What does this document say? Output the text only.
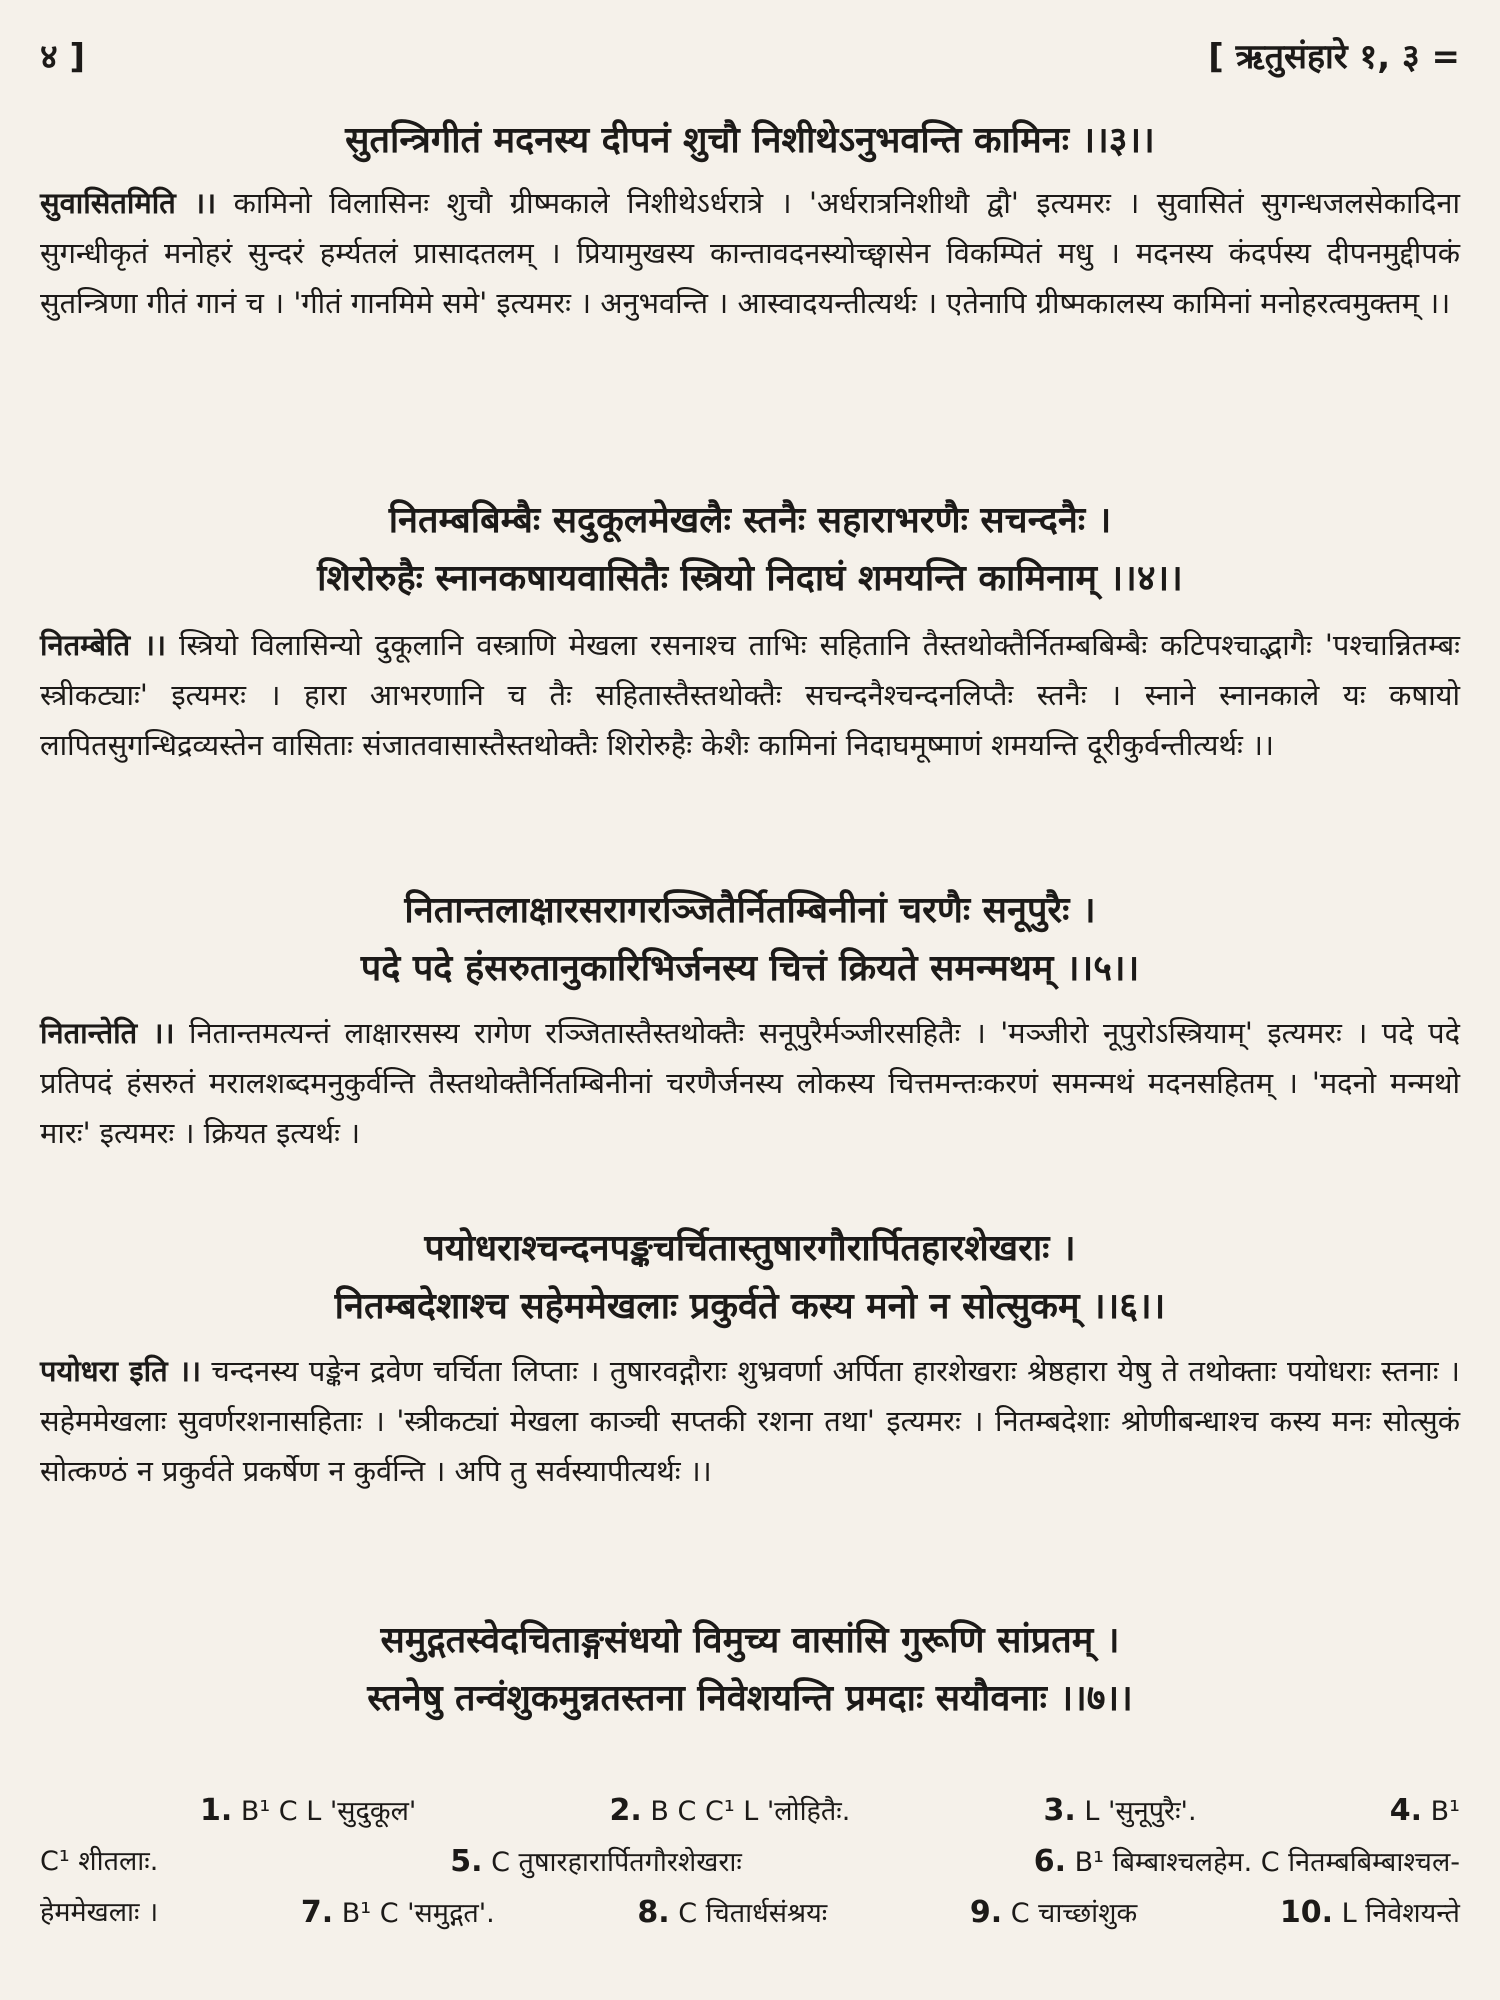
४ ]	[ ऋतुसंहारे १, ३ =
सुतन्त्रिगीतं मदनस्य दीपनं शुचौ निशीथेऽनुभवन्ति कामिनः ।।३।।
सुवासितमिति ।। कामिनो विलासिनः शुचौ ग्रीष्मकाले निशीथेऽर्धरात्रे । 'अर्धरात्रनिशीथौ द्वौ' इत्यमरः । सुवासितं सुगन्धजलसेकादिना सुगन्धीकृतं मनोहरं सुन्दरं हर्म्यतलं प्रासादतलम् । प्रियामुखस्य कान्तावदनस्योच्छ्वासेन विकम्पितं मधु । मदनस्य कंदर्पस्य दीपनमुद्दीपकं सुतन्त्रिणा गीतं गानं च । 'गीतं गानमिमे समे' इत्यमरः । अनुभवन्ति । आस्वादयन्तीत्यर्थः । एतेनापि ग्रीष्मकालस्य कामिनां मनोहरत्वमुक्तम् ।।
नितम्बबिम्बैः सदुकूलमेखलैः स्तनैः सहाराभरणैः सचन्दनैः ।
शिरोरुहैः स्नानकषायवासितैः स्त्रियो निदाघं शमयन्ति कामिनाम् ।।४।।
नितम्बेति ।। स्त्रियो विलासिन्यो दुकूलानि वस्त्राणि मेखला रसनाश्च ताभिः सहितानि तैस्तथोक्तैर्नितम्बबिम्बैः कटिपश्चाद्भागैः 'पश्चान्नितम्बः स्त्रीकट्याः' इत्यमरः । हारा आभरणानि च तैः सहितास्तैस्तथोक्तैः सचन्दनैश्चन्दनलिप्तैः स्तनैः । स्नाने स्नानकाले यः कषायो लापितसुगन्धिद्रव्यस्तेन वासिताः संजातवासास्तैस्तथोक्तैः शिरोरुहैः केशैः कामिनां निदाघमूष्माणं शमयन्ति दूरीकुर्वन्तीत्यर्थः ।।
नितान्तलाक्षारसरागरञ्जितैर्नितम्बिनीनां चरणैः सनूपुरैः ।
पदे पदे हंसरुतानुकारिभिर्जनस्य चित्तं क्रियते समन्मथम् ।।५।।
नितान्तेति ।। नितान्तमत्यन्तं लाक्षारसस्य रागेण रञ्जितास्तैस्तथोक्तैः सनूपुरैर्मञ्जीरसहितैः । 'मञ्जीरो नूपुरोऽस्त्रियाम्' इत्यमरः । पदे पदे प्रतिपदं हंसरुतं मरालशब्दमनुकुर्वन्ति तैस्तथोक्तैर्नितम्बिनीनां चरणैर्जनस्य लोकस्य चित्तमन्तःकरणं समन्मथं मदनसहितम् । 'मदनो मन्मथो मारः' इत्यमरः । क्रियत इत्यर्थः ।
पयोधराश्चन्दनपङ्कचर्चितास्तुषारगौरार्पितहारशेखराः ।
नितम्बदेशाश्च सहेममेखलाः प्रकुर्वते कस्य मनो न सोत्सुकम् ।।६।।
पयोधरा इति ।। चन्दनस्य पङ्केन द्रवेण चर्चिता लिप्ताः । तुषारवद्गौराः शुभ्रवर्णा अर्पिता हारशेखराः श्रेष्ठहारा येषु ते तथोक्ताः पयोधराः स्तनाः । सहेममेखलाः सुवर्णरशनासहिताः । 'स्त्रीकट्यां मेखला काञ्ची सप्तकी रशना तथा' इत्यमरः । नितम्बदेशाः श्रोणीबन्धाश्च कस्य मनः सोत्सुकं सोत्कण्ठं न प्रकुर्वते प्रकर्षेण न कुर्वन्ति । अपि तु सर्वस्यापीत्यर्थः ।।
समुद्गतस्वेदचिताङ्गसंधयो विमुच्य वासांसि गुरूणि सांप्रतम् ।
स्तनेषु तन्वंशुकमुन्नतस्तना निवेशयन्ति प्रमदाः सयौवनाः ।।७।।
1. B¹ C L 'सुदुकूल'	2. B C C¹ L 'लोहितैः.	3. L 'सुनूपुरैः'.	4. B¹
C¹ शीतलाः.	5. C तुषारहारार्पितगौरशेखराः	6. B¹ बिम्बाश्चलहेम. C नितम्बबिम्बाश्चल-
हेममेखलाः ।	7. B¹ C 'समुद्गत'.	8. C चितार्धसंश्रयः	9. C चाच्छांशुक	10. L निवेशयन्ते
